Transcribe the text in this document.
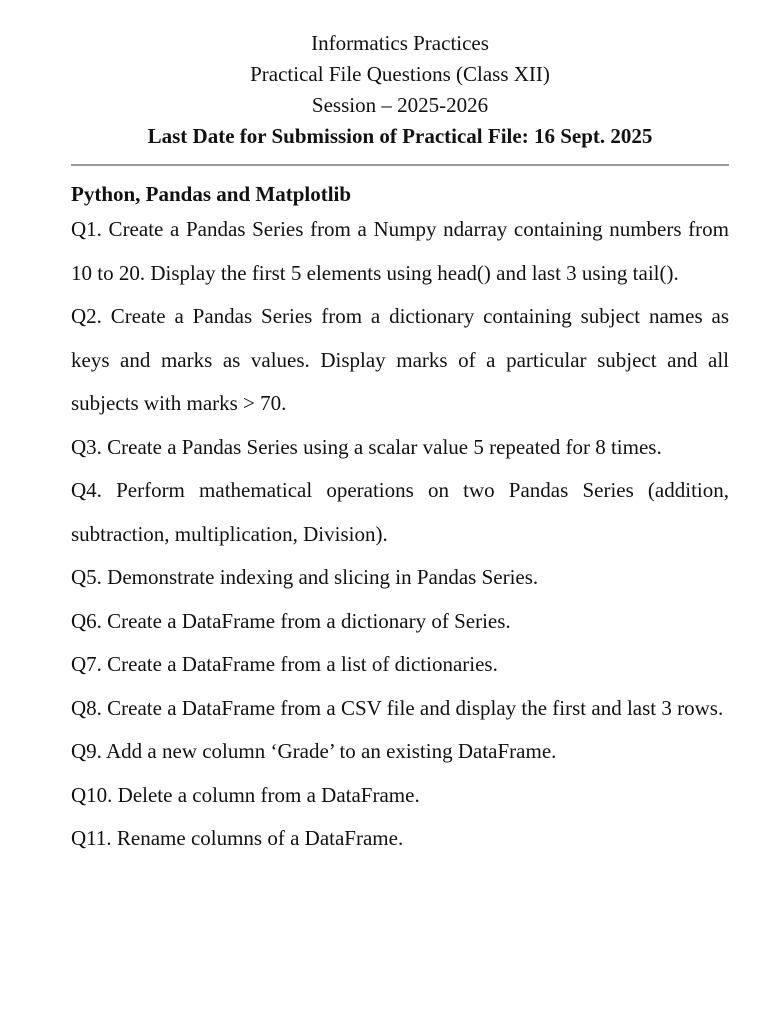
Informatics Practices
Practical File Questions (Class XII)
Session – 2025-2026
Last Date for Submission of Practical File: 16 Sept. 2025
Python, Pandas and Matplotlib
Q1. Create a Pandas Series from a Numpy ndarray containing numbers from 10 to 20. Display the first 5 elements using head() and last 3 using tail().
Q2. Create a Pandas Series from a dictionary containing subject names as keys and marks as values. Display marks of a particular subject and all subjects with marks > 70.
Q3. Create a Pandas Series using a scalar value 5 repeated for 8 times.
Q4. Perform mathematical operations on two Pandas Series (addition, subtraction, multiplication, Division).
Q5. Demonstrate indexing and slicing in Pandas Series.
Q6. Create a DataFrame from a dictionary of Series.
Q7. Create a DataFrame from a list of dictionaries.
Q8. Create a DataFrame from a CSV file and display the first and last 3 rows.
Q9. Add a new column ‘Grade’ to an existing DataFrame.
Q10. Delete a column from a DataFrame.
Q11. Rename columns of a DataFrame.
